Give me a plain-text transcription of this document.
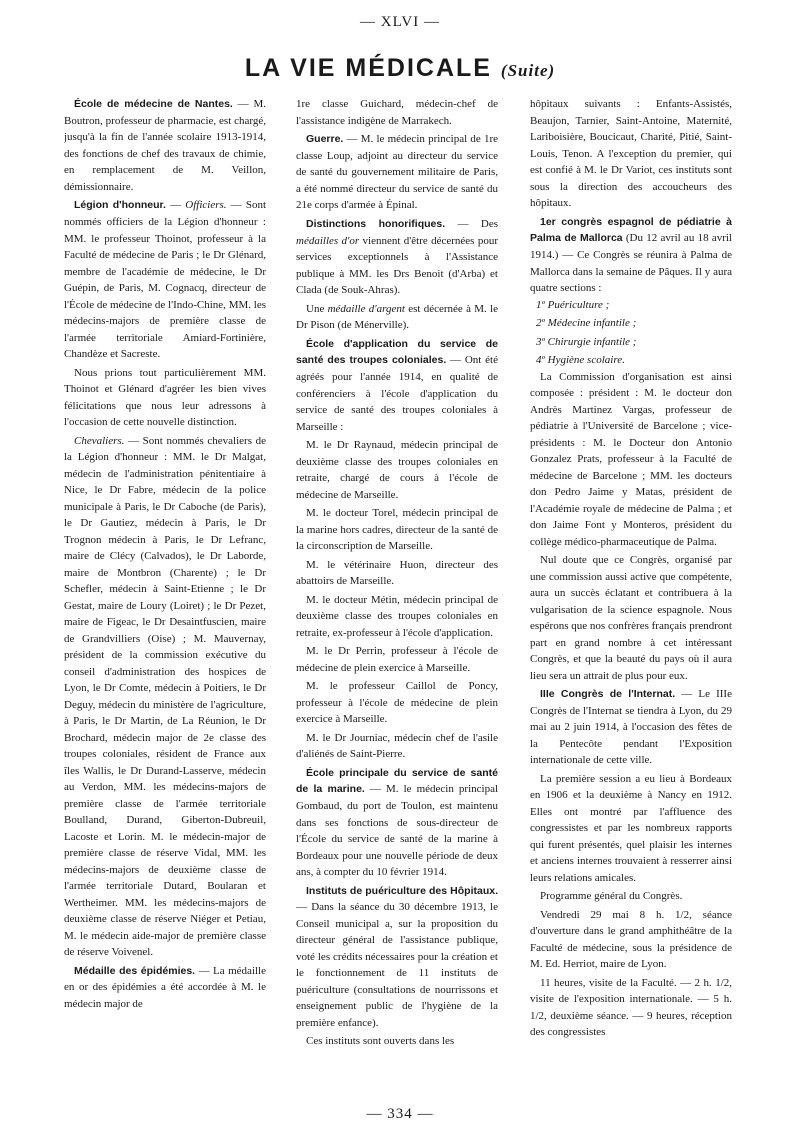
— XLVI —
LA VIE MÉDICALE (Suite)

École de médecine de Nantes. — M. Boutron, professeur de pharmacie, est chargé, jusqu'à la fin de l'année scolaire 1913-1914, des fonctions de chef des travaux de chimie, en remplacement de M. Veillon, démissionnaire.

Légion d'honneur. — Officiers. — Sont nommés officiers de la Légion d'honneur : MM. le professeur Thoinot, professeur à la Faculté de médecine de Paris ; le Dr Glénard, membre de l'académie de médecine, le Dr Guépin, de Paris, M. Cognacq, directeur de l'École de médecine de l'Indo-Chine, MM. les médecins-majors de première classe de l'armée territoriale Amiard-Fortinière, Chandèze et Sacreste.

Nous prions tout particulièrement MM. Thoinot et Glénard d'agréer les bien vives félicitations que nous leur adressons à l'occasion de cette nouvelle distinction.

Chevaliers. — Sont nommés chevaliers de la Légion d'honneur : MM. le Dr Malgat, médecin de l'administration pénitentiaire à Nice, le Dr Fabre, médecin de la police municipale à Paris, le Dr Caboche (de Paris), le Dr Gautiez, médecin à Paris, le Dr Trognon médecin à Paris, le Dr Lefranc, maire de Clécy (Calvados), le Dr Laborde, maire de Montbron (Charente) ; le Dr Schefler, médecin à Saint-Etienne ; le Dr Gestat, maire de Loury (Loiret) ; le Dr Pezet, maire de Figeac, le Dr Desaintfuscien, maire de Grandvilliers (Oise) ; M. Mauvernay, président de la commission exécutive du conseil d'administration des hospices de Lyon, le Dr Comte, médecin à Poitiers, le Dr Deguy, médecin du ministère de l'agriculture, à Paris, le Dr Martin, de La Réunion, le Dr Brochard, médecin major de 2e classe des troupes coloniales, résident de France aux îles Wallis, le Dr Durand-Lasserve, médecin au Verdon, MM. les médecins-majors de première classe de l'armée territoriale Boulland, Durand, Giberton-Dubreuil, Lacoste et Lorin. M. le médecin-major de première classe de réserve Vidal, MM. les médecins-majors de deuxième classe de l'armée territoriale Dutard, Boularan et Wertheimer. MM. les médecins-majors de deuxième classe de réserve Niéger et Petiau, M. le médecin aide-major de première classe de réserve Voivenel.

Médaille des épidémies. — La médaille en or des épidémies a été accordée à M. le médecin major de

1re classe Guichard, médecin-chef de l'assistance indigène de Marrakech.

Guerre. — M. le médecin principal de 1re classe Loup, adjoint au directeur du service de santé du gouvernement militaire de Paris, a été nommé directeur du service de santé du 21e corps d'armée à Épinal.

Distinctions honorifiques. — Des médailles d'or viennent d'être décernées pour services exceptionnels à l'Assistance publique à MM. les Drs Benoit (d'Arba) et Clada (de Souk-Ahras).

Une médaille d'argent est décernée à M. le Dr Pison (de Ménerville).

École d'application du service de santé des troupes coloniales. — Ont été agréés pour l'année 1914, en qualité de conférenciers à l'école d'application du service de santé des troupes coloniales à Marseille :

M. le Dr Raynaud, médecin principal de deuxième classe des troupes coloniales en retraite, chargé de cours à l'école de médecine de Marseille.

M. le docteur Torel, médecin principal de la marine hors cadres, directeur de la santé de la circonscription de Marseille.

M. le vétérinaire Huon, directeur des abattoirs de Marseille.

M. le docteur Métin, médecin principal de deuxième classe des troupes coloniales en retraite, ex-professeur à l'école d'application.

M. le Dr Perrin, professeur à l'école de médecine de plein exercice à Marseille.

M. le professeur Caillol de Poncy, professeur à l'école de médecine de plein exercice à Marseille.

M. le Dr Journiac, médecin chef de l'asile d'aliénés de Saint-Pierre.

École principale du service de santé de la marine. — M. le médecin principal Gombaud, du port de Toulon, est maintenu dans ses fonctions de sous-directeur de l'École du service de santé de la marine à Bordeaux pour une nouvelle période de deux ans, à compter du 10 février 1914.

Instituts de puériculture des Hôpitaux. — Dans la séance du 30 décembre 1913, le Conseil municipal a, sur la proposition du directeur général de l'assistance publique, voté les crédits nécessaires pour la création et le fonctionnement de 11 instituts de puériculture (consultations de nourrissons et enseignement public de l'hygiène de la première enfance).

Ces instituts sont ouverts dans les

hôpitaux suivants : Enfants-Assistés, Beaujon, Tarnier, Saint-Antoine, Maternité, Lariboisière, Boucicaut, Charité, Pitié, Saint-Louis, Tenon. A l'exception du premier, qui est confié à M. le Dr Variot, ces instituts sont sous la direction des accoucheurs des hôpitaux.

1er congrès espagnol de pédiatrie à Palma de Mallorca (Du 12 avril au 18 avril 1914.) — Ce Congrès se réunira à Palma de Mallorca dans la semaine de Pâques. Il y aura quatre sections :

1º Puériculture ;

2º Médecine infantile ;

3º Chirurgie infantile ;

4º Hygiène scolaire.

La Commission d'organisation est ainsi composée : président : M. le docteur don Andrès Martinez Vargas, professeur de pédiatrie à l'Université de Barcelone ; vice-présidents : M. le Docteur don Antonio Gonzalez Prats, professeur à la Faculté de médecine de Barcelone ; MM. les docteurs don Pedro Jaime y Matas, président de l'Académie royale de médecine de Palma ; et don Jaime Font y Monteros, président du collège médico-pharmaceutique de Palma.

Nul doute que ce Congrès, organisé par une commission aussi active que compétente, aura un succès éclatant et contribuera à la vulgarisation de la science espagnole. Nous espérons que nos confrères français prendront part en grand nombre à cet intéressant Congrès, et que la beauté du pays où il aura lieu sera un attrait de plus pour eux.

IIIe Congrès de l'Internat. — Le IIIe Congrès de l'Internat se tiendra à Lyon, du 29 mai au 2 juin 1914, à l'occasion des fêtes de la Pentecôte pendant l'Exposition internationale de cette ville.

La première session a eu lieu à Bordeaux en 1906 et la deuxième à Nancy en 1912. Elles ont montré par l'affluence des congressistes et par les nombreux rapports qui furent présentés, quel plaisir les internes et anciens internes trouvaient à resserrer ainsi leurs relations amicales.

Programme général du Congrès.

Vendredi 29 mai 8 h. 1/2, séance d'ouverture dans le grand amphithéâtre de la Faculté de médecine, sous la présidence de M. Ed. Herriot, maire de Lyon.

11 heures, visite de la Faculté. — 2 h. 1/2, visite de l'exposition internationale. — 5 h. 1/2, deuxième séance. — 9 heures, réception des congressistes

— 334 —
